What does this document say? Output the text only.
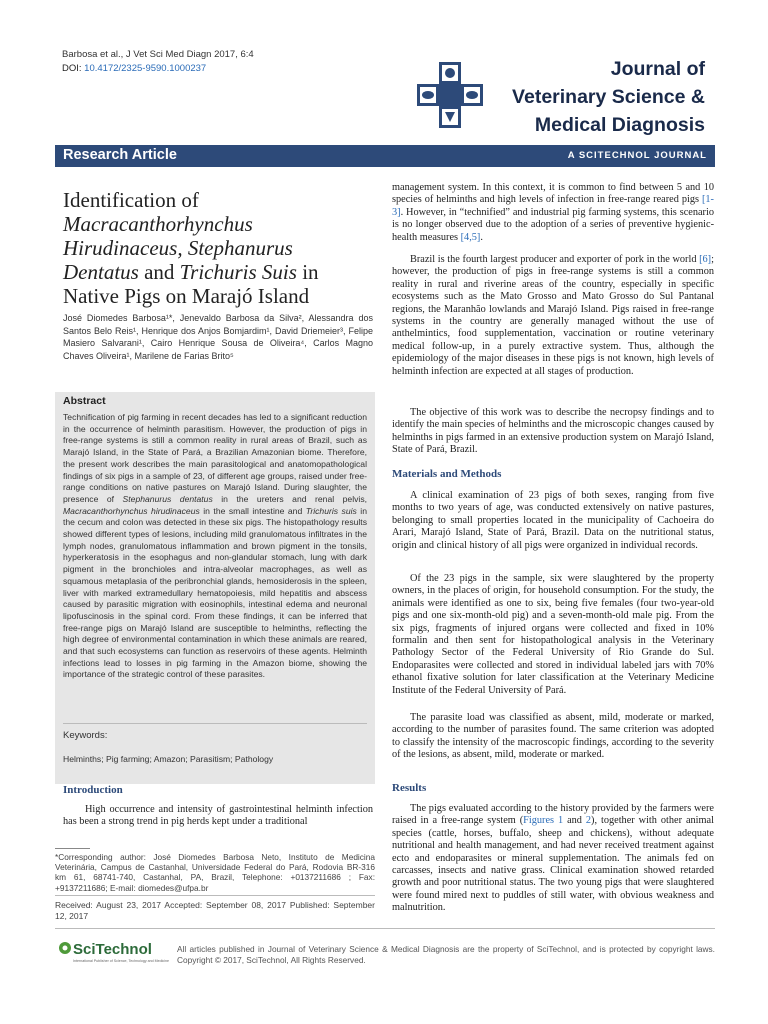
Barbosa et al., J Vet Sci Med Diagn 2017, 6:4
DOI: 10.4172/2325-9590.1000237	Journal of
Veterinary Science &
Medical Diagnosis
Research Article	A SCITECHNOL JOURNAL
Identification of
Macracanthorhynchus Hirudinaceus, Stephanurus Dentatus and Trichuris Suis in Native Pigs on Marajó Island
José Diomedes Barbosa¹*, Jenevaldo Barbosa da Silva², Alessandra dos Santos Belo Reis¹, Henrique dos Anjos Bomjardim¹, David Driemeier³, Felipe Masiero Salvarani¹, Cairo Henrique Sousa de Oliveira⁴, Carlos Magno Chaves Oliveira¹, Marilene de Farias Brito⁵
Abstract
Technification of pig farming in recent decades has led to a significant reduction in the occurrence of helminth parasitism. However, the production of pigs in free-range systems is still a common reality in rural areas of Brazil, such as Marajó Island, in the State of Pará, a Brazilian Amazonian biome. Therefore, the present work describes the main parasitological and anatomopathological findings of six pigs in a sample of 23, of different age groups, raised under free-range conditions on native pastures on Marajó Island. During slaughter, the presence of Stephanurus dentatus in the ureters and renal pelvis, Macracanthorhynchus hirudinaceus in the small intestine and Trichuris suis in the cecum and colon was detected in these six pigs. The histopathology results showed different types of lesions, including mild granulomatous infiltrates in the lymph nodes, granulomatous inflammation and brown pigment in the tonsils, hyperkeratosis in the esophagus and non-glandular stomach, lung with dark pigment in the bronchioles and intra-alveolar macrophages, as well as squamous metaplasia of the peribronchial glands, hemosiderosis in the spleen, liver with marked extramedullary hematopoiesis, mild hepatitis and abscess caused by parasitic migration with eosinophils, intestinal edema and neuronal lipofuscinosis in the spinal cord. From these findings, it can be inferred that free-range pigs on Marajó Island are susceptible to helminths, reflecting the high degree of environmental contamination in which these animals are reared, and that such ecosystems can function as reservoirs of these agents. Helminth infections lead to losses in pig farming in the Amazon biome, showing the importance of the strategic control of these parasites.
Keywords:
Helminths; Pig farming; Amazon; Parasitism; Pathology
Introduction
High occurrence and intensity of gastrointestinal helminth infection has been a strong trend in pig herds kept under a traditional
*Corresponding author: José Diomedes Barbosa Neto, Instituto de Medicina Veterinária, Campus de Castanhal, Universidade Federal do Pará, Rodovia BR-316 km 61, 68741-740, Castanhal, PA, Brazil, Telephone: +0137211686 ; Fax: +9137211686; E-mail: diomedes@ufpa.br
Received: August 23, 2017 Accepted: September 08, 2017 Published: September 12, 2017
management system. In this context, it is common to find between 5 and 10 species of helminths and high levels of infection in free-range reared pigs [1-3]. However, in “technified” and industrial pig farming systems, this scenario is no longer observed due to the adoption of a series of preventive hygienic-health measures [4,5].
Brazil is the fourth largest producer and exporter of pork in the world [6]; however, the production of pigs in free-range systems is still a common reality in rural and riverine areas of the country, especially in specific ecosystems such as the Mato Grosso and Mato Grosso do Sul Pantanal regions, the Maranhão lowlands and Marajó Island. Pigs raised in free-range systems in the country are generally managed without the use of anthelmintics, food supplementation, vaccination or routine veterinary medical follow-up, in a purely extractive system. Thus, although the epidemiology of the major diseases in these pigs is not known, high levels of helminth infection are expected at all stages of production.
The objective of this work was to describe the necropsy findings and to identify the main species of helminths and the microscopic changes caused by helminths in pigs farmed in an extensive production system on Marajó Island, State of Pará, Brazil.
Materials and Methods
A clinical examination of 23 pigs of both sexes, ranging from five months to two years of age, was conducted extensively on native pastures, belonging to small properties located in the municipality of Cachoeira do Arari, Marajó Island, State of Pará, Brazil. Data on the nutritional status, origin and clinical history of all pigs were organized in individual records.
Of the 23 pigs in the sample, six were slaughtered by the property owners, in the places of origin, for household consumption. For the study, the animals were identified as one to six, being five females (four two-year-old pigs and one six-month-old pig) and a seven-month-old male pig. From the six pigs, fragments of injured organs were collected and fixed in 10% formalin and then sent for histopathological analysis in the Veterinary Pathology Sector of the Federal University of Rio Grande do Sul. Endoparasites were collected and stored in individual labeled jars with 70% ethanol fixative solution for later classification at the Veterinary Medicine Institute of the Federal University of Pará.
The parasite load was classified as absent, mild, moderate or marked, according to the number of parasites found. The same criterion was adopted to classify the intensity of the macroscopic findings, according to the severity of the lesions, as absent, mild, moderate or marked.
Results
The pigs evaluated according to the history provided by the farmers were raised in a free-range system (Figures 1 and 2), together with other animal species (cattle, horses, buffalo, sheep and chickens), without adequate nutritional and health management, and had never received treatment against ecto and endoparasites or mineral supplementation. The animals fed on carcasses, insects and native grass. Clinical examination showed retarded growth and poor nutritional status. The two young pigs that were slaughtered were found mired next to puddles of still water, with obvious weakness and malnutrition.
SciTechnol
International Publisher of Science, Technology and Medicine
All articles published in Journal of Veterinary Science & Medical Diagnosis are the property of SciTechnol, and is protected by copyright laws. Copyright © 2017, SciTechnol, All Rights Reserved.
